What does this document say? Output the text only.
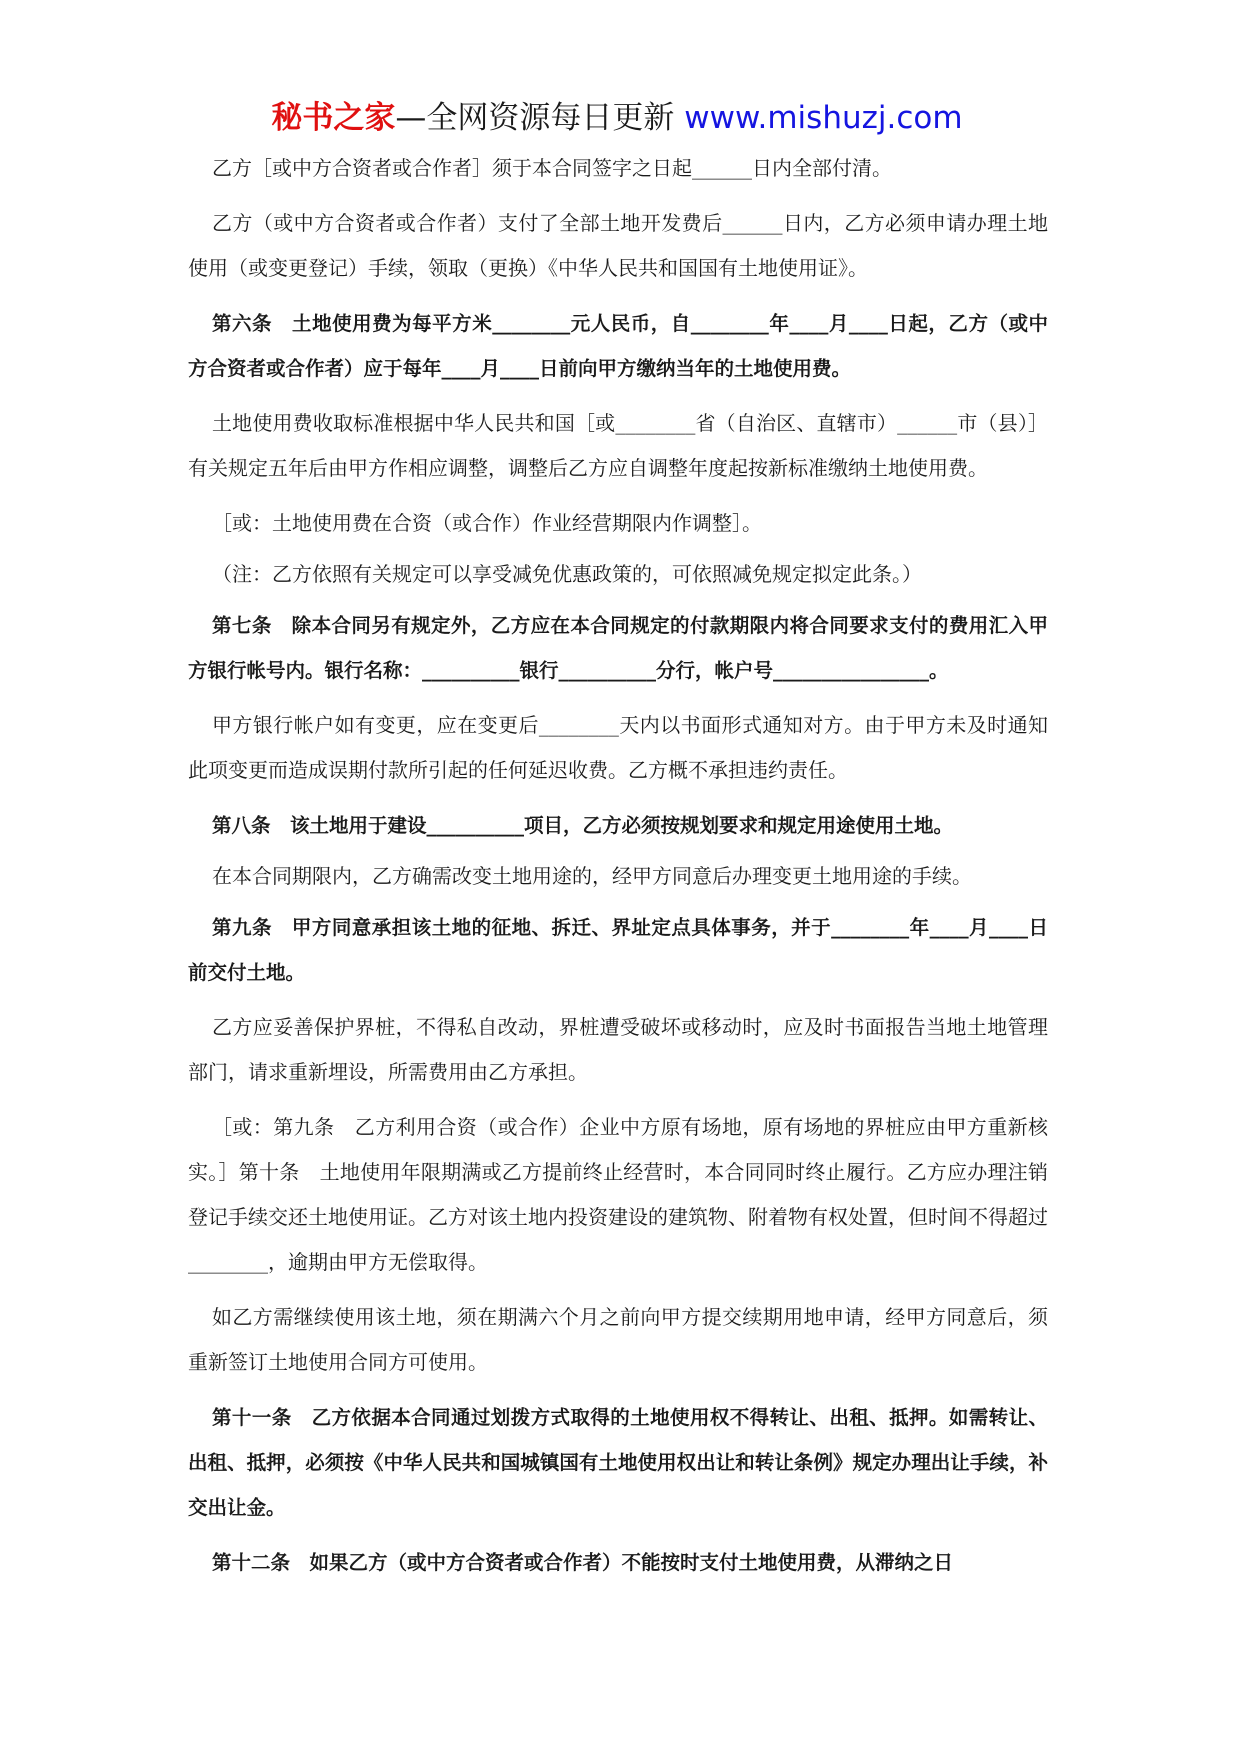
秘书之家—全网资源每日更新 www.mishuzj.com

乙方［或中方合资者或合作者］须于本合同签字之日起______日内全部付清。

乙方（或中方合资者或合作者）支付了全部土地开发费后______日内，乙方必须申请办理土地使用（或变更登记）手续，领取（更换）《中华人民共和国国有土地使用证》。

第六条　土地使用费为每平方米________元人民币，自________年____月____日起，乙方（或中方合资者或合作者）应于每年____月____日前向甲方缴纳当年的土地使用费。

土地使用费收取标准根据中华人民共和国［或________省（自治区、直辖市）______市（县）］有关规定五年后由甲方作相应调整，调整后乙方应自调整年度起按新标准缴纳土地使用费。

［或：土地使用费在合资（或合作）作业经营期限内作调整］。

（注：乙方依照有关规定可以享受减免优惠政策的，可依照减免规定拟定此条。）

第七条　除本合同另有规定外，乙方应在本合同规定的付款期限内将合同要求支付的费用汇入甲方银行帐号内。银行名称：__________银行__________分行，帐户号________________。

甲方银行帐户如有变更，应在变更后________天内以书面形式通知对方。由于甲方未及时通知此项变更而造成误期付款所引起的任何延迟收费。乙方概不承担违约责任。

第八条　该土地用于建设__________项目，乙方必须按规划要求和规定用途使用土地。

在本合同期限内，乙方确需改变土地用途的，经甲方同意后办理变更土地用途的手续。

第九条　甲方同意承担该土地的征地、拆迁、界址定点具体事务，并于________年____月____日前交付土地。

乙方应妥善保护界桩，不得私自改动，界桩遭受破坏或移动时，应及时书面报告当地土地管理部门，请求重新埋设，所需费用由乙方承担。

［或：第九条　乙方利用合资（或合作）企业中方原有场地，原有场地的界桩应由甲方重新核实。］第十条　土地使用年限期满或乙方提前终止经营时，本合同同时终止履行。乙方应办理注销登记手续交还土地使用证。乙方对该土地内投资建设的建筑物、附着物有权处置，但时间不得超过________，逾期由甲方无偿取得。

如乙方需继续使用该土地，须在期满六个月之前向甲方提交续期用地申请，经甲方同意后，须重新签订土地使用合同方可使用。

第十一条　乙方依据本合同通过划拨方式取得的土地使用权不得转让、出租、抵押。如需转让、出租、抵押，必须按《中华人民共和国城镇国有土地使用权出让和转让条例》规定办理出让手续，补交出让金。

第十二条　如果乙方（或中方合资者或合作者）不能按时支付土地使用费，从滞纳之日
